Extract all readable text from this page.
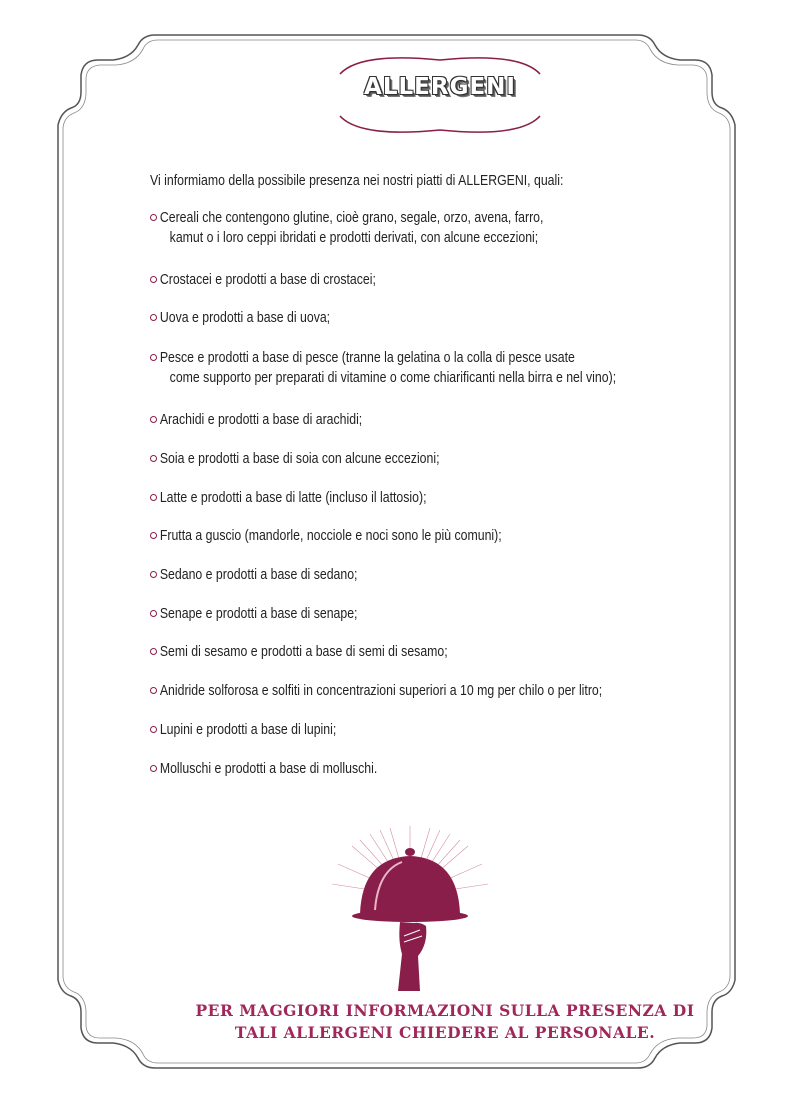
ALLERGENI

Vi informiamo della possibile presenza nei nostri piatti di ALLERGENI, quali:

Cereali che contengono glutine, cioè grano, segale, orzo, avena, farro,
kamut o i loro ceppi ibridati e prodotti derivati, con alcune eccezioni;
Crostacei e prodotti a base di crostacei;
Uova e prodotti a base di uova;
Pesce e prodotti a base di pesce (tranne la gelatina o la colla di pesce usate
come supporto per preparati di vitamine o come chiarificanti nella birra e nel vino);
Arachidi e prodotti a base di arachidi;
Soia e prodotti a base di soia con alcune eccezioni;
Latte e prodotti a base di latte (incluso il lattosio);
Frutta a guscio (mandorle, nocciole e noci sono le più comuni);
Sedano e prodotti a base di sedano;
Senape e prodotti a base di senape;
Semi di sesamo e prodotti a base di semi di sesamo;
Anidride solforosa e solfiti in concentrazioni superiori a 10 mg per chilo o per litro;
Lupini e prodotti a base di lupini;
Molluschi e prodotti a base di molluschi.
PER MAGGIORI INFORMAZIONI SULLA PRESENZA DI
TALI ALLERGENI CHIEDERE AL PERSONALE.
